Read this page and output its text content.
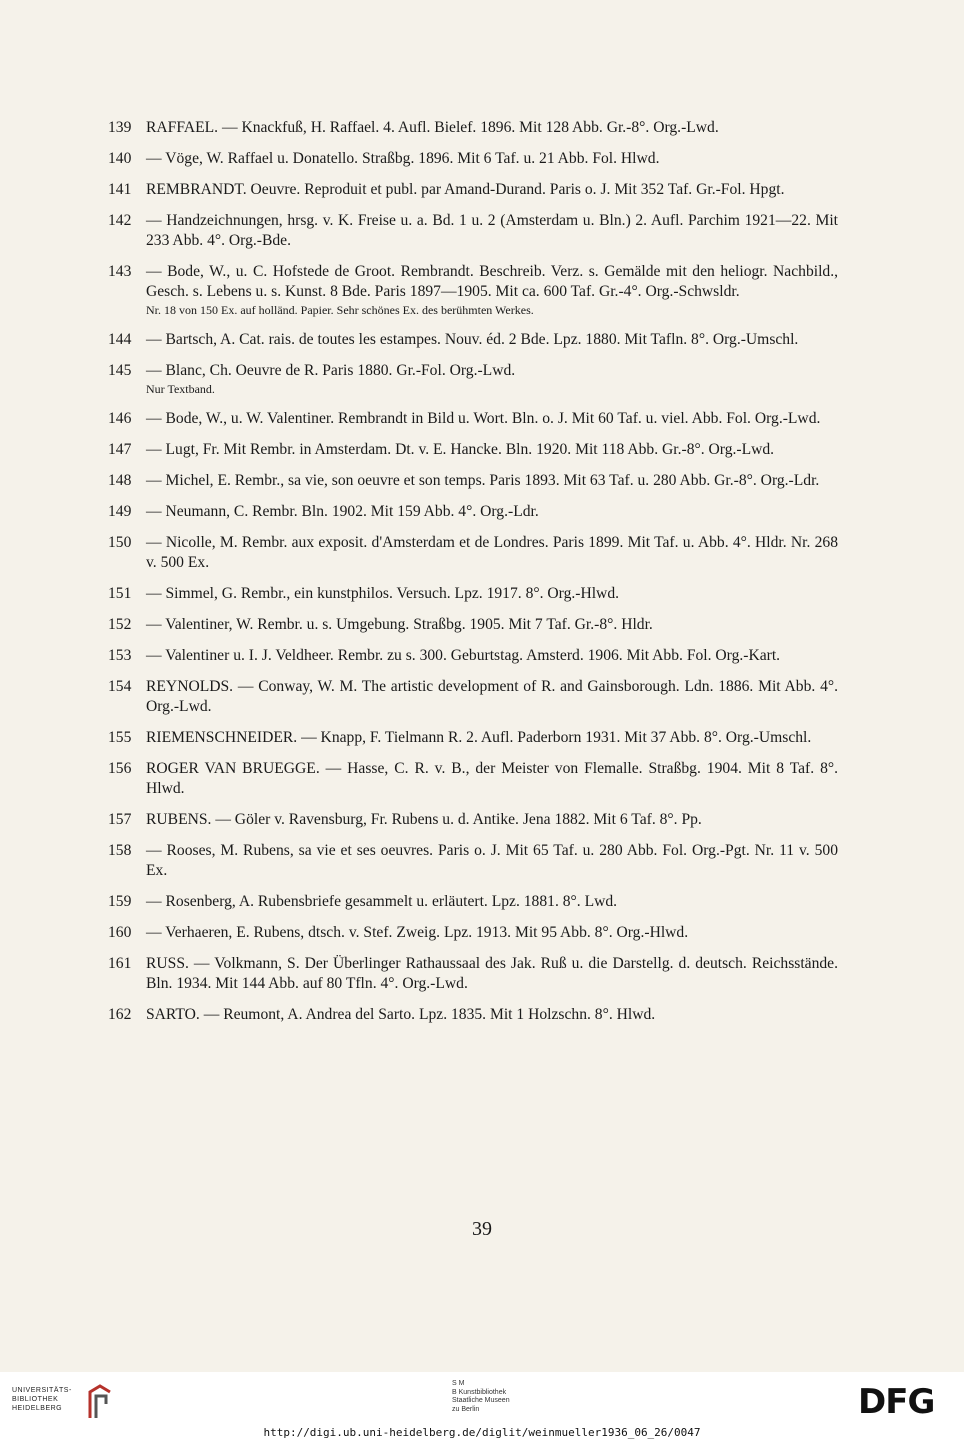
139 RAFFAEL. — Knackfuß, H. Raffael. 4. Aufl. Bielef. 1896. Mit 128 Abb. Gr.-8°. Org.-Lwd.
140 — Vöge, W. Raffael u. Donatello. Straßbg. 1896. Mit 6 Taf. u. 21 Abb. Fol. Hlwd.
141 REMBRANDT. Oeuvre. Reproduit et publ. par Amand-Durand. Paris o. J. Mit 352 Taf. Gr.-Fol. Hpgt.
142 — Handzeichnungen, hrsg. v. K. Freise u. a. Bd. 1 u. 2 (Amsterdam u. Bln.) 2. Aufl. Parchim 1921—22. Mit 233 Abb. 4°. Org.-Bde.
143 — Bode, W., u. C. Hofstede de Groot. Rembrandt. Beschreib. Verz. s. Gemälde mit den heliogr. Nachbild., Gesch. s. Lebens u. s. Kunst. 8 Bde. Paris 1897—1905. Mit ca. 600 Taf. Gr.-4°. Org.-Schwsldr.
Nr. 18 von 150 Ex. auf holländ. Papier. Sehr schönes Ex. des berühmten Werkes.
144 — Bartsch, A. Cat. rais. de toutes les estampes. Nouv. éd. 2 Bde. Lpz. 1880. Mit Tafln. 8°. Org.-Umschl.
145 — Blanc, Ch. Oeuvre de R. Paris 1880. Gr.-Fol. Org.-Lwd.
Nur Textband.
146 — Bode, W., u. W. Valentiner. Rembrandt in Bild u. Wort. Bln. o. J. Mit 60 Taf. u. viel. Abb. Fol. Org.-Lwd.
147 — Lugt, Fr. Mit Rembr. in Amsterdam. Dt. v. E. Hancke. Bln. 1920. Mit 118 Abb. Gr.-8°. Org.-Lwd.
148 — Michel, E. Rembr., sa vie, son oeuvre et son temps. Paris 1893. Mit 63 Taf. u. 280 Abb. Gr.-8°. Org.-Ldr.
149 — Neumann, C. Rembr. Bln. 1902. Mit 159 Abb. 4°. Org.-Ldr.
150 — Nicolle, M. Rembr. aux exposit. d'Amsterdam et de Londres. Paris 1899. Mit Taf. u. Abb. 4°. Hldr. Nr. 268 v. 500 Ex.
151 — Simmel, G. Rembr., ein kunstphilos. Versuch. Lpz. 1917. 8°. Org.-Hlwd.
152 — Valentiner, W. Rembr. u. s. Umgebung. Straßbg. 1905. Mit 7 Taf. Gr.-8°. Hldr.
153 — Valentiner u. I. J. Veldheer. Rembr. zu s. 300. Geburtstag. Amsterd. 1906. Mit Abb. Fol. Org.-Kart.
154 REYNOLDS. — Conway, W. M. The artistic development of R. and Gainsborough. Ldn. 1886. Mit Abb. 4°. Org.-Lwd.
155 RIEMENSCHNEIDER. — Knapp, F. Tielmann R. 2. Aufl. Paderborn 1931. Mit 37 Abb. 8°. Org.-Umschl.
156 ROGER VAN BRUEGGE. — Hasse, C. R. v. B., der Meister von Flemalle. Straßbg. 1904. Mit 8 Taf. 8°. Hlwd.
157 RUBENS. — Göler v. Ravensburg, Fr. Rubens u. d. Antike. Jena 1882. Mit 6 Taf. 8°. Pp.
158 — Rooses, M. Rubens, sa vie et ses oeuvres. Paris o. J. Mit 65 Taf. u. 280 Abb. Fol. Org.-Pgt. Nr. 11 v. 500 Ex.
159 — Rosenberg, A. Rubensbriefe gesammelt u. erläutert. Lpz. 1881. 8°. Lwd.
160 — Verhaeren, E. Rubens, dtsch. v. Stef. Zweig. Lpz. 1913. Mit 95 Abb. 8°. Org.-Hlwd.
161 RUSS. — Volkmann, S. Der Überlinger Rathaussaal des Jak. Ruß u. die Darstellg. d. deutsch. Reichsstände. Bln. 1934. Mit 144 Abb. auf 80 Tfln. 4°. Org.-Lwd.
162 SARTO. — Reumont, A. Andrea del Sarto. Lpz. 1835. Mit 1 Holzschn. 8°. Hlwd.
39
UNIVERSITÄTS-
BIBLIOTHEK
HEIDELBERG
S M
B Kunstbibliothek
Staatliche Museen
zu Berlin	DFG
http://digi.ub.uni-heidelberg.de/diglit/weinmueller1936_06_26/0047
